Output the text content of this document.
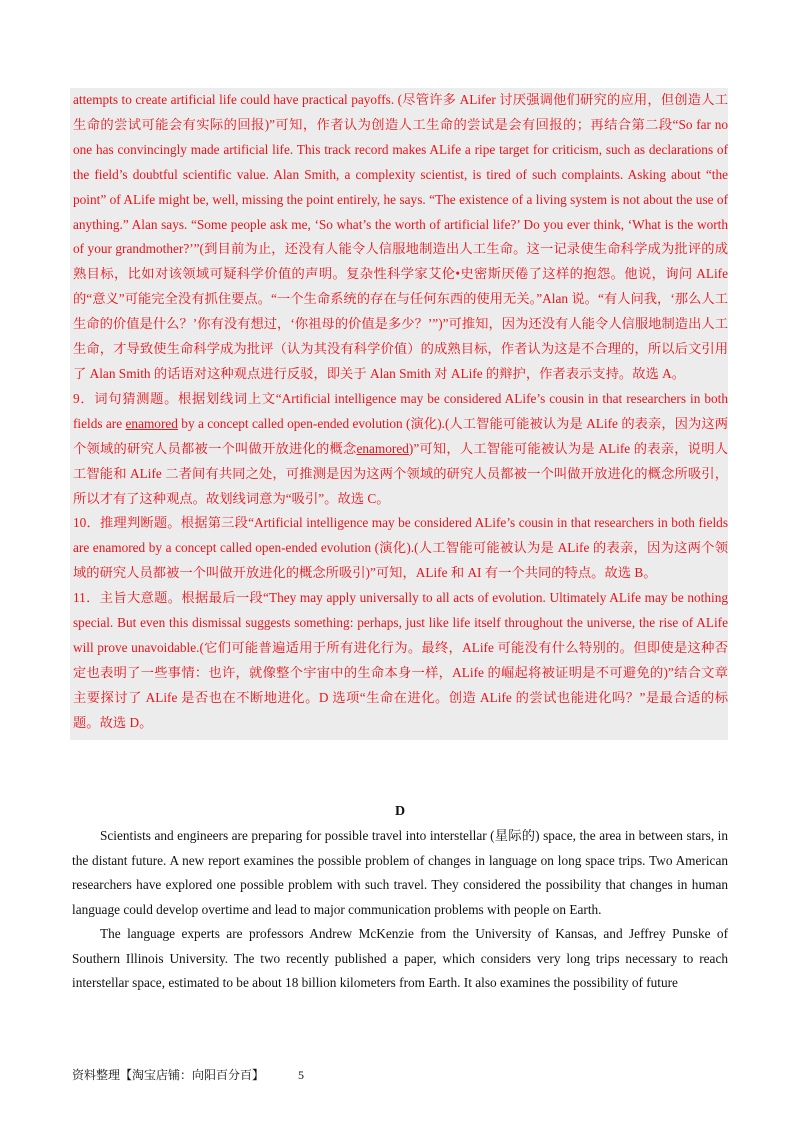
attempts to create artificial life could have practical payoffs. (尽管许多 ALifer 讨厌强调他们研究的应用，但创造人工生命的尝试可能会有实际的回报)”可知，作者认为创造人工生命的尝试是会有回报的；再结合第二段“So far no one has convincingly made artificial life. This track record makes ALife a ripe target for criticism, such as declarations of the field’s doubtful scientific value. Alan Smith, a complexity scientist, is tired of such complaints. Asking about “the point” of ALife might be, well, missing the point entirely, he says. “The existence of a living system is not about the use of anything.” Alan says. “Some people ask me, ‘So what’s the worth of artificial life?’ Do you ever think, ‘What is the worth of your grandmother?’”(到目前为止，还没有人能令人信服地制造出人工生命。这一记录使生命科学成为批评的成熟目标，比如对该领域可疑科学价值的声明。复杂性科学家艾伦•史密斯厌倦了这样的抱怨。他说，询问 ALife 的“意义”可能完全没有抓住要点。“一个生命系统的存在与任何东西的使用无关。”Alan 说。“有人问我，‘那么人工生命的价值是什么？’你有没有想过，‘你祖母的价值是多少？’”)”可推知，因为还没有人能令人信服地制造出人工生命，才导致使生命科学成为批评（认为其没有科学价值）的成熟目标，作者认为这是不合理的，所以后文引用了 Alan Smith 的话语对这种观点进行反驳，即关于 Alan Smith 对 ALife 的辩护，作者表示支持。故选 A。

9．词句猜测题。根据划线词上文“Artificial intelligence may be considered ALife’s cousin in that researchers in both fields are enamored by a concept called open-ended evolution (演化).(人工智能可能被认为是 ALife 的表亲，因为这两个领域的研究人员都被一个叫做开放进化的概念enamored)”可知，人工智能可能被认为是 ALife 的表亲，说明人工智能和 ALife 二者间有共同之处，可推测是因为这两个领域的研究人员都被一个叫做开放进化的概念所吸引，所以才有了这种观点。故划线词意为“吸引”。故选 C。

10．推理判断题。根据第三段“Artificial intelligence may be considered ALife’s cousin in that researchers in both fields are enamored by a concept called open-ended evolution (演化).(人工智能可能被认为是 ALife 的表亲，因为这两个领域的研究人员都被一个叫做开放进化的概念所吸引)”可知，ALife 和 AI 有一个共同的特点。故选 B。

11．主旨大意题。根据最后一段“They may apply universally to all acts of evolution. Ultimately ALife may be nothing special. But even this dismissal suggests something: perhaps, just like life itself throughout the universe, the rise of ALife will prove unavoidable.(它们可能普遍适用于所有进化行为。最终，ALife 可能没有什么特别的。但即使是这种否定也表明了一些事情：也许，就像整个宇宙中的生命本身一样，ALife 的崛起将被证明是不可避免的)”结合文章主要探讨了 ALife 是否也在不断地进化。D 选项“生命在进化。创造 ALife 的尝试也能进化吗？”是最合适的标题。故选 D。

D

Scientists and engineers are preparing for possible travel into interstellar (星际的) space, the area in between stars, in the distant future. A new report examines the possible problem of changes in language on long space trips. Two American researchers have explored one possible problem with such travel. They considered the possibility that changes in human language could develop overtime and lead to major communication problems with people on Earth.

The language experts are professors Andrew McKenzie from the University of Kansas, and Jeffrey Punske of Southern Illinois University. The two recently published a paper, which considers very long trips necessary to reach interstellar space, estimated to be about 18 billion kilometers from Earth. It also examines the possibility of future

资料整理【淘宝店铺：向阳百分百】	5
